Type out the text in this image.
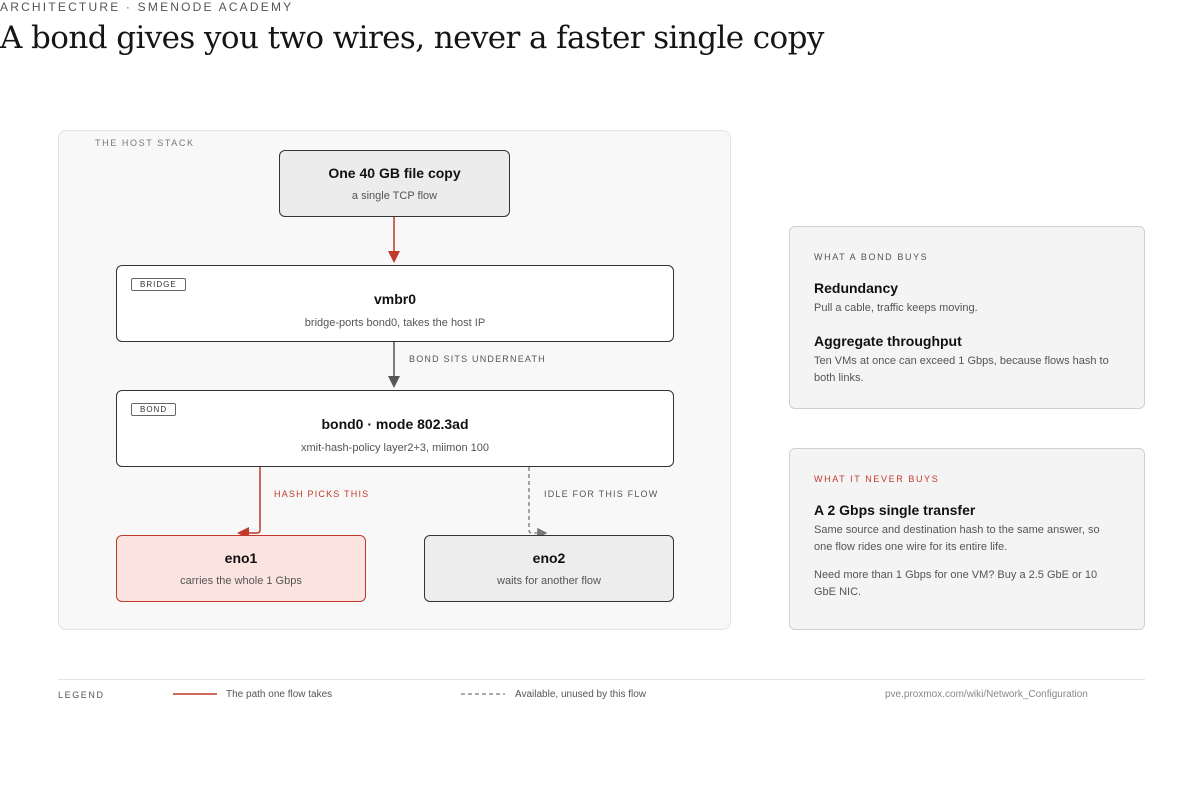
ARCHITECTURE · SMENODE ACADEMY
A bond gives you two wires, never a faster single copy
THE HOST STACK
One 40 GB file copy
a single TCP flow
BRIDGE
vmbr0
bridge-ports bond0, takes the host IP
BOND SITS UNDERNEATH
BOND
bond0 · mode 802.3ad
xmit-hash-policy layer2+3, miimon 100
HASH PICKS THIS	IDLE FOR THIS FLOW
eno1
carries the whole 1 Gbps
eno2
waits for another flow
WHAT A BOND BUYS
Redundancy
Pull a cable, traffic keeps moving.
Aggregate throughput
Ten VMs at once can exceed 1 Gbps, because flows hash to both links.
WHAT IT NEVER BUYS
A 2 Gbps single transfer
Same source and destination hash to the same answer, so one flow rides one wire for its entire life.
Need more than 1 Gbps for one VM? Buy a 2.5 GbE or 10 GbE NIC.
LEGEND	The path one flow takes	Available, unused by this flow	pve.proxmox.com/wiki/Network_Configuration
